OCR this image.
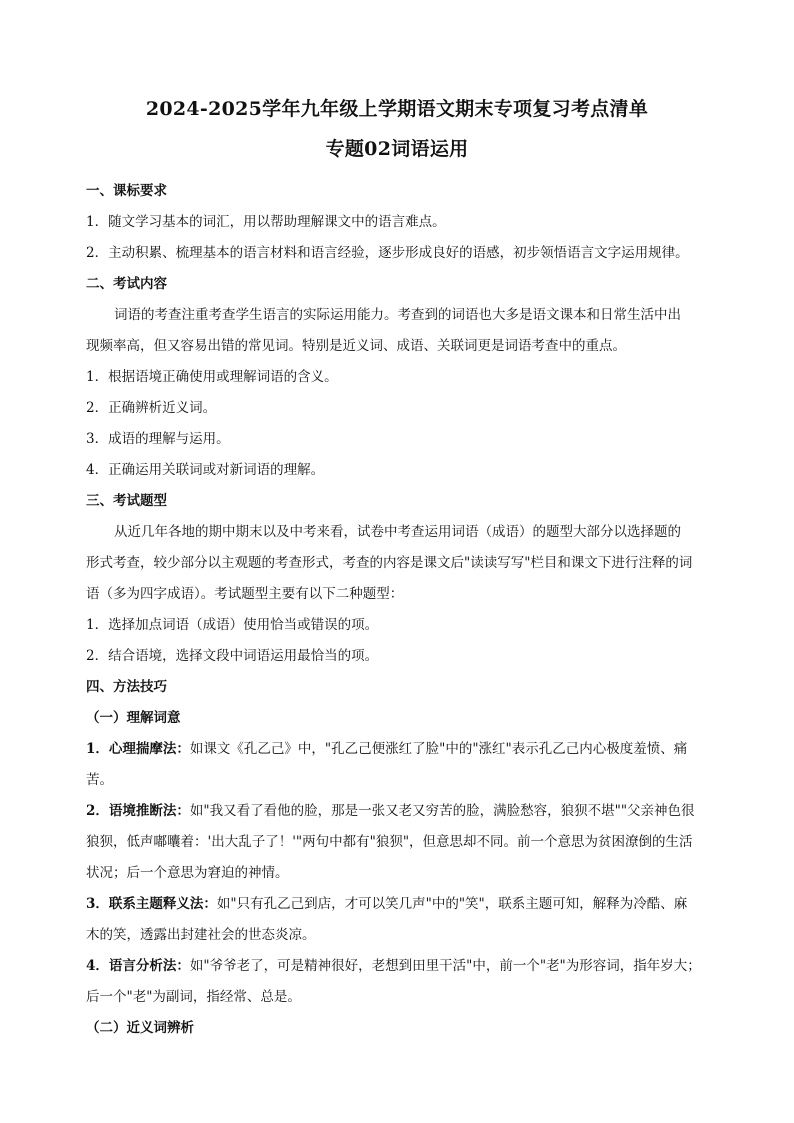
2024-2025学年九年级上学期语文期末专项复习考点清单
专题02词语运用

一、课标要求

1．随文学习基本的词汇，用以帮助理解课文中的语言难点。

2．主动积累、梳理基本的语言材料和语言经验，逐步形成良好的语感，初步领悟语言文字运用规律。

二、考试内容

词语的考查注重考查学生语言的实际运用能力。考查到的词语也大多是语文课本和日常生活中出

现频率高，但又容易出错的常见词。特别是近义词、成语、关联词更是词语考查中的重点。

1．根据语境正确使用或理解词语的含义。

2．正确辨析近义词。

3．成语的理解与运用。

4．正确运用关联词或对新词语的理解。

三、考试题型

从近几年各地的期中期末以及中考来看，试卷中考查运用词语（成语）的题型大部分以选择题的

形式考查，较少部分以主观题的考查形式，考查的内容是课文后"读读写写"栏目和课文下进行注释的词

语（多为四字成语）。考试题型主要有以下二种题型：

1．选择加点词语（成语）使用恰当或错误的项。

2．结合语境，选择文段中词语运用最恰当的项。

四、方法技巧

（一）理解词意

1．心理揣摩法：如课文《孔乙己》中，"孔乙己便涨红了脸"中的"涨红"表示孔乙己内心极度羞愤、痛

苦。

2．语境推断法：如"我又看了看他的脸，那是一张又老又穷苦的脸，满脸愁容，狼狈不堪""父亲神色很

狼狈，低声嘟囔着：'出大乱子了！'"两句中都有"狼狈"，但意思却不同。前一个意思为贫困潦倒的生活

状况；后一个意思为窘迫的神情。

3．联系主题释义法：如"只有孔乙己到店，才可以笑几声"中的"笑"，联系主题可知，解释为冷酷、麻

木的笑，透露出封建社会的世态炎凉。

4．语言分析法：如"爷爷老了，可是精神很好，老想到田里干活"中，前一个"老"为形容词，指年岁大；

后一个"老"为副词，指经常、总是。

（二）近义词辨析
